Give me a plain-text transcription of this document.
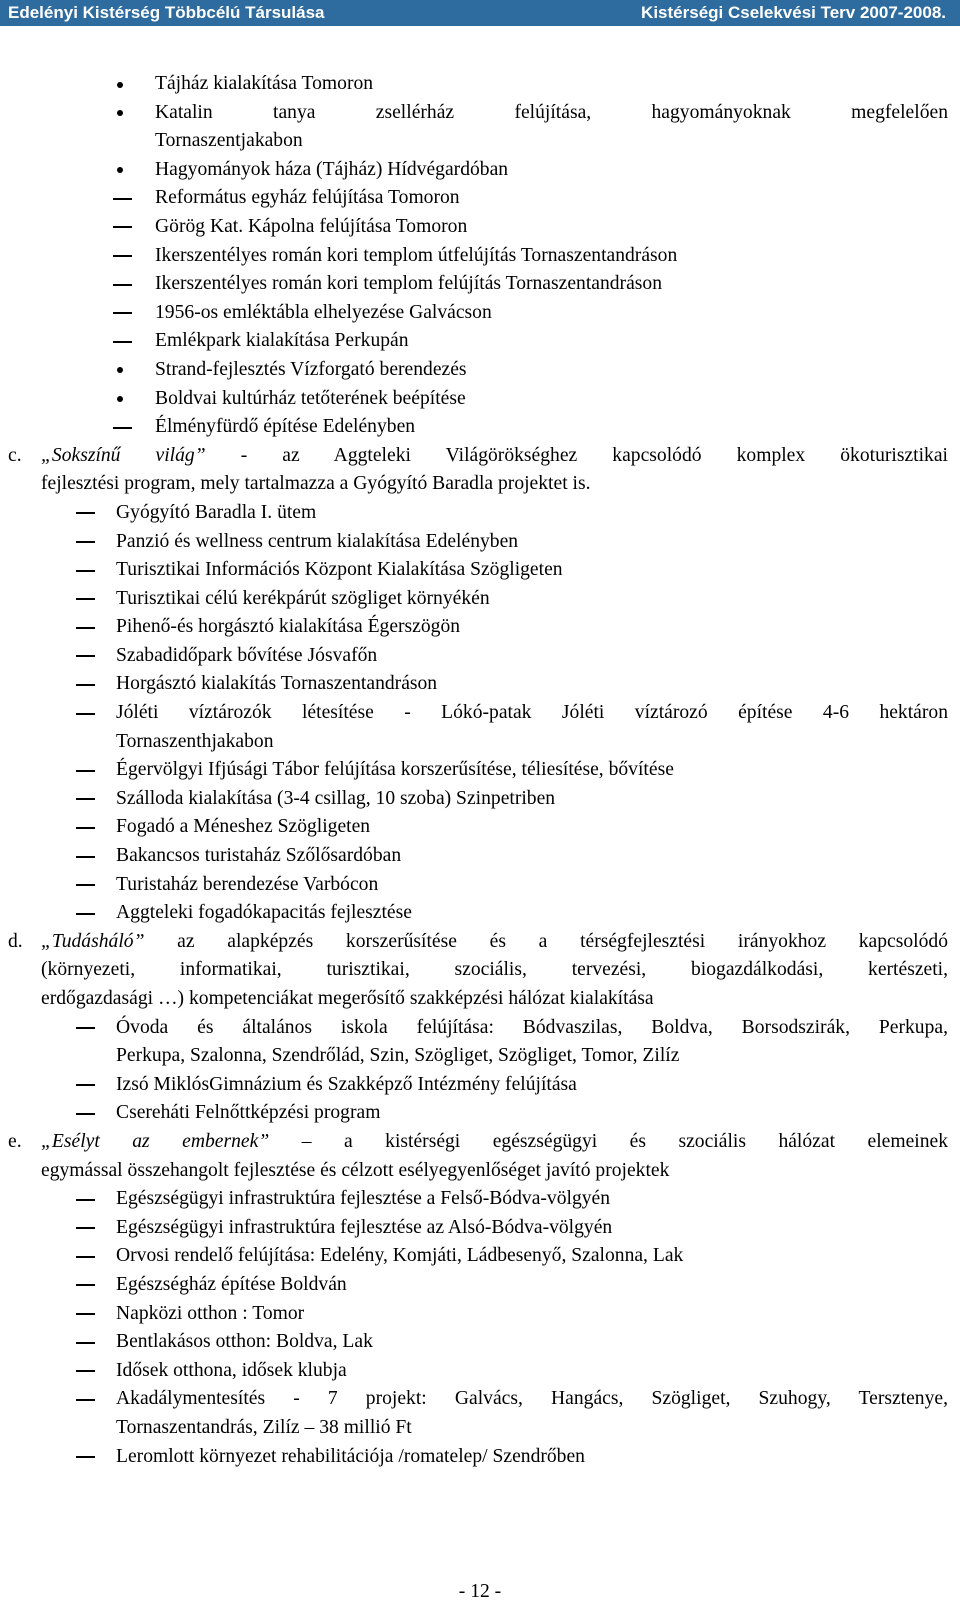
Edelényi Kistérség Többcélú Társulása	Kistérségi Cselekvési Terv 2007-2008.
Tájház kialakítása Tomoron
Katalin tanya zsellérház felújítása, hagyományoknak megfelelően
Tornaszentjakabon
Hagyományok háza (Tájház) Hídvégardóban
Református egyház felújítása Tomoron
Görög Kat. Kápolna felújítása Tomoron
Ikerszentélyes román kori templom útfelújítás Tornaszentandráson
Ikerszentélyes román kori templom felújítás Tornaszentandráson
1956-os emléktábla elhelyezése Galvácson
Emlékpark kialakítása Perkupán
Strand-fejlesztés Vízforgató berendezés
Boldvai kultúrház tetőterének beépítése
Élményfürdő építése Edelényben
c. „Sokszínű világ” - az Aggteleki Világörökséghez kapcsolódó komplex ökoturisztikai
fejlesztési program, mely tartalmazza a Gyógyító Baradla projektet is.
Gyógyító Baradla I. ütem
Panzió és wellness centrum kialakítása Edelényben
Turisztikai Információs Központ Kialakítása Szögligeten
Turisztikai célú kerékpárút szögliget környékén
Pihenő-és horgásztó kialakítása Égerszögön
Szabadidőpark bővítése Jósvafőn
Horgásztó kialakítás Tornaszentandráson
Jóléti víztározók létesítése - Lókó-patak Jóléti víztározó építése 4-6 hektáron
Tornaszenthjakabon
Égervölgyi Ifjúsági Tábor felújítása korszerűsítése, téliesítése, bővítése
Szálloda kialakítása (3-4 csillag, 10 szoba) Szinpetriben
Fogadó a Méneshez Szögligeten
Bakancsos turistaház Szőlősardóban
Turistaház berendezése Varbócon
Aggteleki fogadókapacitás fejlesztése
d. „Tudásháló” az alapképzés korszerűsítése és a térségfejlesztési irányokhoz kapcsolódó
(környezeti, informatikai, turisztikai, szociális, tervezési, biogazdálkodási, kertészeti,
erdőgazdasági …) kompetenciákat megerősítő szakképzési hálózat kialakítása
Óvoda és általános iskola felújítása: Bódvaszilas, Boldva, Borsodszirák, Perkupa,
Perkupa, Szalonna, Szendrőlád, Szin, Szögliget, Szögliget, Tomor, Zilíz
Izsó MiklósGimnázium és Szakképző Intézmény felújítása
Csereháti Felnőttképzési program
e. „Esélyt az embernek” – a kistérségi egészségügyi és szociális hálózat elemeinek
egymással összehangolt fejlesztése és célzott esélyegyenlőséget javító projektek
Egészségügyi infrastruktúra fejlesztése a Felső-Bódva-völgyén
Egészségügyi infrastruktúra fejlesztése az Alsó-Bódva-völgyén
Orvosi rendelő felújítása: Edelény, Komjáti, Ládbesenyő, Szalonna, Lak
Egészségház építése Boldván
Napközi otthon : Tomor
Bentlakásos otthon: Boldva, Lak
Idősek otthona, idősek klubja
Akadálymentesítés - 7 projekt: Galvács, Hangács, Szögliget, Szuhogy, Tersztenye,
Tornaszentandrás, Zilíz – 38 millió Ft
Leromlott környezet rehabilitációja /romatelep/ Szendrőben
- 12 -
